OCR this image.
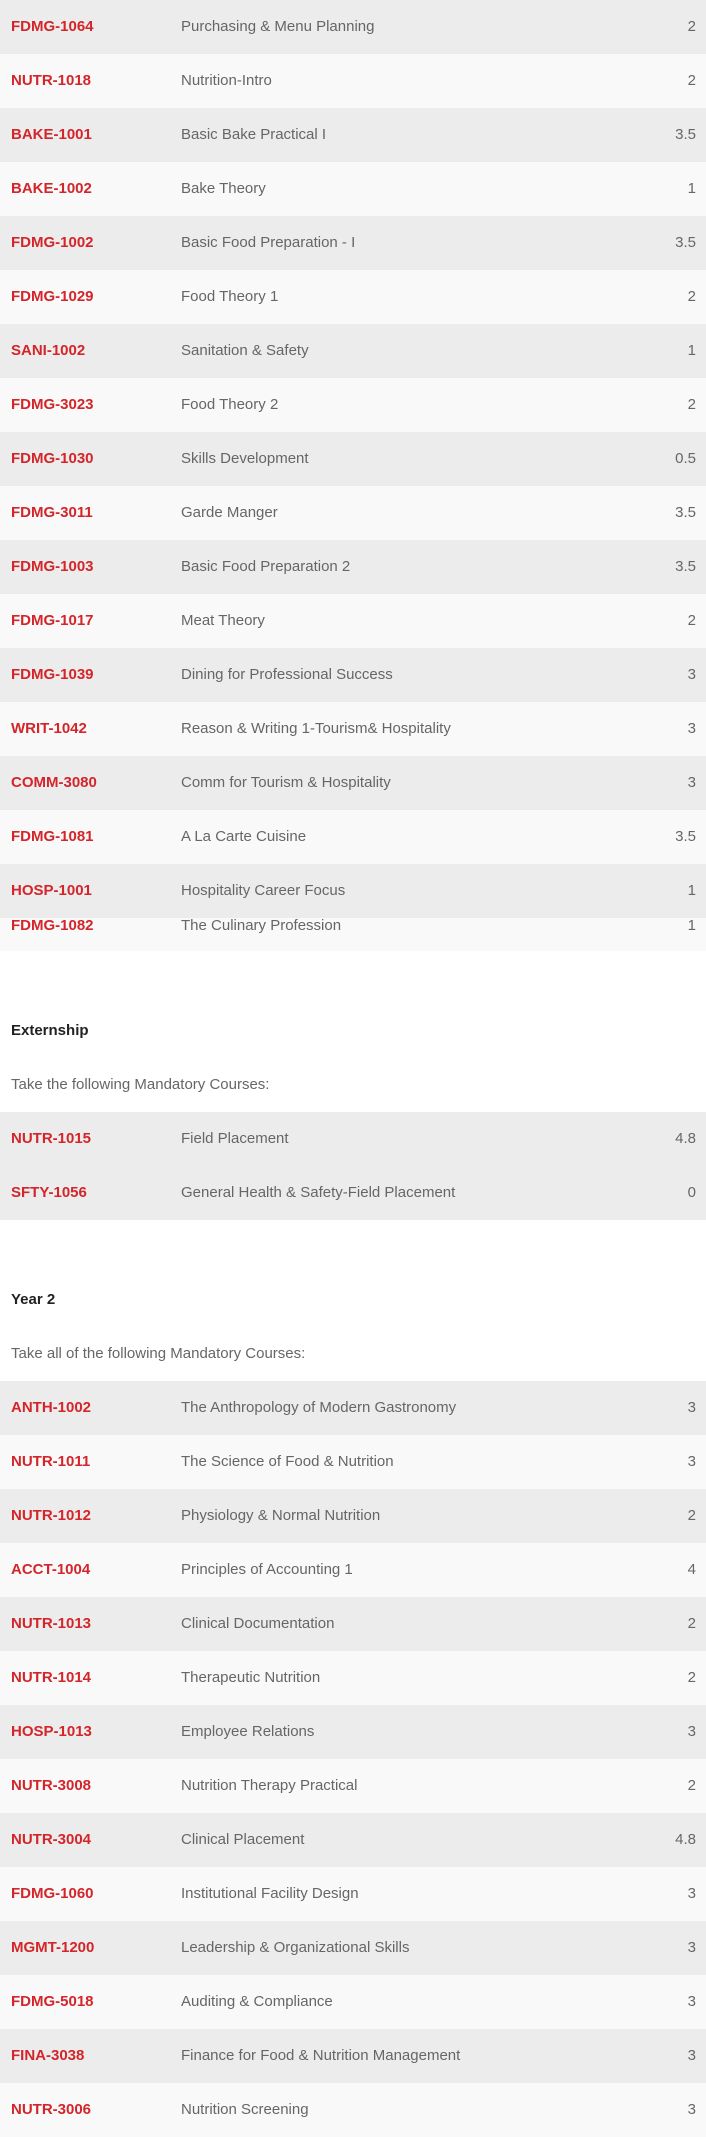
FDMG-1064	Purchasing & Menu Planning	2
NUTR-1018	Nutrition-Intro	2
BAKE-1001	Basic Bake Practical I	3.5
BAKE-1002	Bake Theory	1
FDMG-1002	Basic Food Preparation - I	3.5
FDMG-1029	Food Theory 1	2
SANI-1002	Sanitation & Safety	1
FDMG-3023	Food Theory 2	2
FDMG-1030	Skills Development	0.5
FDMG-3011	Garde Manger	3.5
FDMG-1003	Basic Food Preparation 2	3.5
FDMG-1017	Meat Theory	2
FDMG-1039	Dining for Professional Success	3
WRIT-1042	Reason & Writing 1-Tourism& Hospitality	3
COMM-3080	Comm for Tourism & Hospitality	3
FDMG-1081	A La Carte Cuisine	3.5
HOSP-1001	Hospitality Career Focus	1
FDMG-1082	The Culinary Profession	1
Externship
Take the following Mandatory Courses:
NUTR-1015	Field Placement	4.8
SFTY-1056	General Health & Safety-Field Placement	0
Year 2
Take all of the following Mandatory Courses:
ANTH-1002	The Anthropology of Modern Gastronomy	3
NUTR-1011	The Science of Food & Nutrition	3
NUTR-1012	Physiology & Normal Nutrition	2
ACCT-1004	Principles of Accounting 1	4
NUTR-1013	Clinical Documentation	2
NUTR-1014	Therapeutic Nutrition	2
HOSP-1013	Employee Relations	3
NUTR-3008	Nutrition Therapy Practical	2
NUTR-3004	Clinical Placement	4.8
FDMG-1060	Institutional Facility Design	3
MGMT-1200	Leadership & Organizational Skills	3
FDMG-5018	Auditing & Compliance	3
FINA-3038	Finance for Food & Nutrition Management	3
NUTR-3006	Nutrition Screening	3
